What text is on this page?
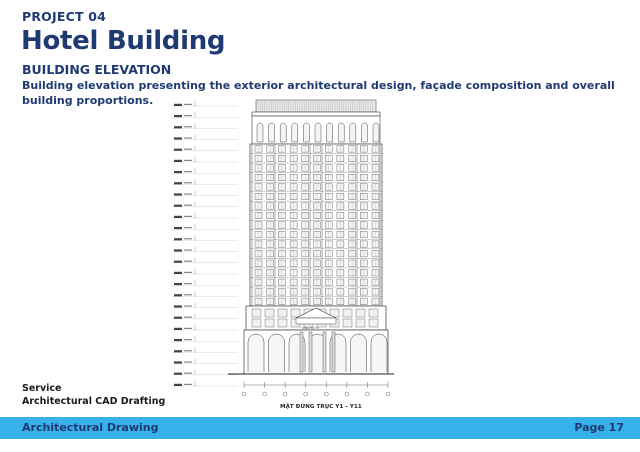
PROJECT 04
Hotel Building
BUILDING ELEVATION
Building elevation presenting the exterior architectural design, façade composition and overall building proportions.
TONG HOI TU
MẶT ĐỨNG TRỤC Y1 - Y11
Service
Architectural CAD Drafting
Architectural Drawing	Page 17
